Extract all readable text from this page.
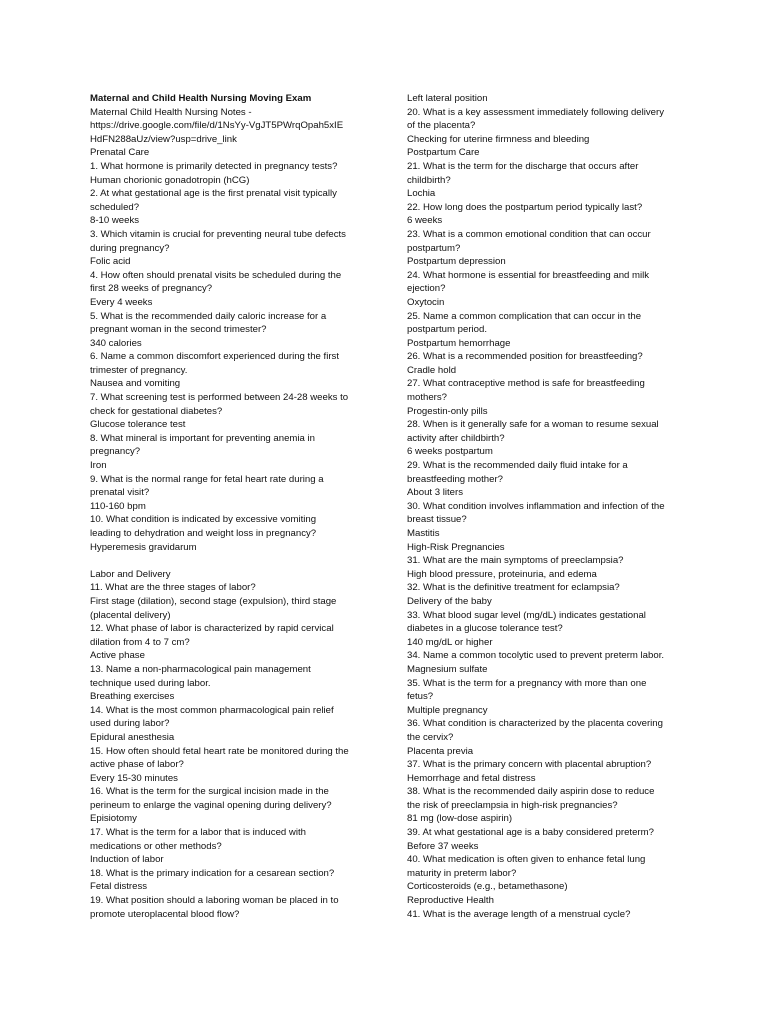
Maternal and Child Health Nursing Moving Exam
Maternal Child Health Nursing Notes -
https://drive.google.com/file/d/1NsYy-VgJT5PWrqOpah5xIE
HdFN288aUz/view?usp=drive_link
Prenatal Care
1. What hormone is primarily detected in pregnancy tests?
Human chorionic gonadotropin (hCG)
2. At what gestational age is the first prenatal visit typically
scheduled?
8-10 weeks
3. Which vitamin is crucial for preventing neural tube defects
during pregnancy?
Folic acid
4. How often should prenatal visits be scheduled during the
first 28 weeks of pregnancy?
Every 4 weeks
5. What is the recommended daily caloric increase for a
pregnant woman in the second trimester?
340 calories
6. Name a common discomfort experienced during the first
trimester of pregnancy.
Nausea and vomiting
7. What screening test is performed between 24-28 weeks to
check for gestational diabetes?
Glucose tolerance test
8. What mineral is important for preventing anemia in
pregnancy?
Iron
9. What is the normal range for fetal heart rate during a
prenatal visit?
110-160 bpm
10. What condition is indicated by excessive vomiting
leading to dehydration and weight loss in pregnancy?
Hyperemesis gravidarum
Labor and Delivery
11. What are the three stages of labor?
First stage (dilation), second stage (expulsion), third stage
(placental delivery)
12. What phase of labor is characterized by rapid cervical
dilation from 4 to 7 cm?
Active phase
13. Name a non-pharmacological pain management
technique used during labor.
Breathing exercises
14. What is the most common pharmacological pain relief
used during labor?
Epidural anesthesia
15. How often should fetal heart rate be monitored during the
active phase of labor?
Every 15-30 minutes
16. What is the term for the surgical incision made in the
perineum to enlarge the vaginal opening during delivery?
Episiotomy
17. What is the term for a labor that is induced with
medications or other methods?
Induction of labor
18. What is the primary indication for a cesarean section?
Fetal distress
19. What position should a laboring woman be placed in to
promote uteroplacental blood flow?
Left lateral position
20. What is a key assessment immediately following delivery
of the placenta?
Checking for uterine firmness and bleeding
Postpartum Care
21. What is the term for the discharge that occurs after
childbirth?
Lochia
22. How long does the postpartum period typically last?
6 weeks
23. What is a common emotional condition that can occur
postpartum?
Postpartum depression
24. What hormone is essential for breastfeeding and milk
ejection?
Oxytocin
25. Name a common complication that can occur in the
postpartum period.
Postpartum hemorrhage
26. What is a recommended position for breastfeeding?
Cradle hold
27. What contraceptive method is safe for breastfeeding
mothers?
Progestin-only pills
28. When is it generally safe for a woman to resume sexual
activity after childbirth?
6 weeks postpartum
29. What is the recommended daily fluid intake for a
breastfeeding mother?
About 3 liters
30. What condition involves inflammation and infection of the
breast tissue?
Mastitis
High-Risk Pregnancies
31. What are the main symptoms of preeclampsia?
High blood pressure, proteinuria, and edema
32. What is the definitive treatment for eclampsia?
Delivery of the baby
33. What blood sugar level (mg/dL) indicates gestational
diabetes in a glucose tolerance test?
140 mg/dL or higher
34. Name a common tocolytic used to prevent preterm labor.
Magnesium sulfate
35. What is the term for a pregnancy with more than one
fetus?
Multiple pregnancy
36. What condition is characterized by the placenta covering
the cervix?
Placenta previa
37. What is the primary concern with placental abruption?
Hemorrhage and fetal distress
38. What is the recommended daily aspirin dose to reduce
the risk of preeclampsia in high-risk pregnancies?
81 mg (low-dose aspirin)
39. At what gestational age is a baby considered preterm?
Before 37 weeks
40. What medication is often given to enhance fetal lung
maturity in preterm labor?
Corticosteroids (e.g., betamethasone)
Reproductive Health
41. What is the average length of a menstrual cycle?
